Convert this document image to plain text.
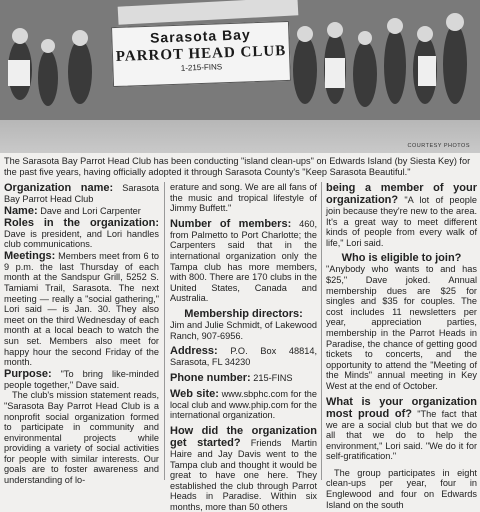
Sarasota Bay
PARROT HEAD CLUB
1-215-FINS
COURTESY PHOTOS
The Sarasota Bay Parrot Head Club has been conducting "island clean-ups" on Edwards Island (by Siesta Key) for the past five years, having officially adopted it through Sarasota County's "Keep Sarasota Beautiful."

Organization name: Sarasota Bay Parrot Head Club

Name: Dave and Lori Carpenter

Roles in the organization: Dave is president, and Lori handles club communications.

Meetings: Members meet from 6 to 9 p.m. the last Thursday of each month at the Sandspur Grill, 5252 S. Tamiami Trail, Sarasota. The next meeting — really a "social gathering," Lori said — is Jan. 30. They also meet on the third Wednesday of each month at a local beach to watch the sun set. Members also meet for happy hour the second Friday of the month.

Purpose: "To bring like-minded people together," Dave said.

The club's mission statement reads, "Sarasota Bay Parrot Head Club is a nonprofit social organization formed to participate in community and environmental projects while providing a variety of social activities for people with similar interests. Our goals are to foster awareness and understanding of lo-

erature and song. We are all fans of the music and tropical lifestyle of Jimmy Buffett."

Number of members: 460, from Palmetto to Port Charlotte; the Carpenters said that in the international organization only the Tampa club has more members, with 800. There are 170 clubs in the United States, Canada and Australia.

Membership directors:
Jim and Julie Schmidt, of Lakewood Ranch, 907-6956.

Address: P.O. Box 48814, Sarasota, FL 34230

Phone number: 215-FINS

Web site: www.sbphc.com for the local club and www.phip.com for the international organization.

How did the organization get started? Friends Martin Haire and Jay Davis went to the Tampa club and thought it would be great to have one here. They established the club through Parrot Heads in Paradise. Within six months, more than 50 others

being a member of your organization? "A lot of people join because they're new to the area. It's a great way to meet different kinds of people from every walk of life," Lori said.

Who is eligible to join?
"Anybody who wants to and has $25," Dave joked. Annual membership dues are $25 for singles and $35 for couples. The cost includes 11 newsletters per year, appreciation parties, membership in the Parrot Heads in Paradise, the chance of getting good tickets to concerts, and the opportunity to attend the "Meeting of the Minds" annual meeting in Key West at the end of October.

What is your organization most proud of? "The fact that we are a social club but that we do all that we do to help the environment," Lori said. "We do it for self-gratification."

The group participates in eight clean-ups per year, four in Englewood and four on Edwards Island on the south
